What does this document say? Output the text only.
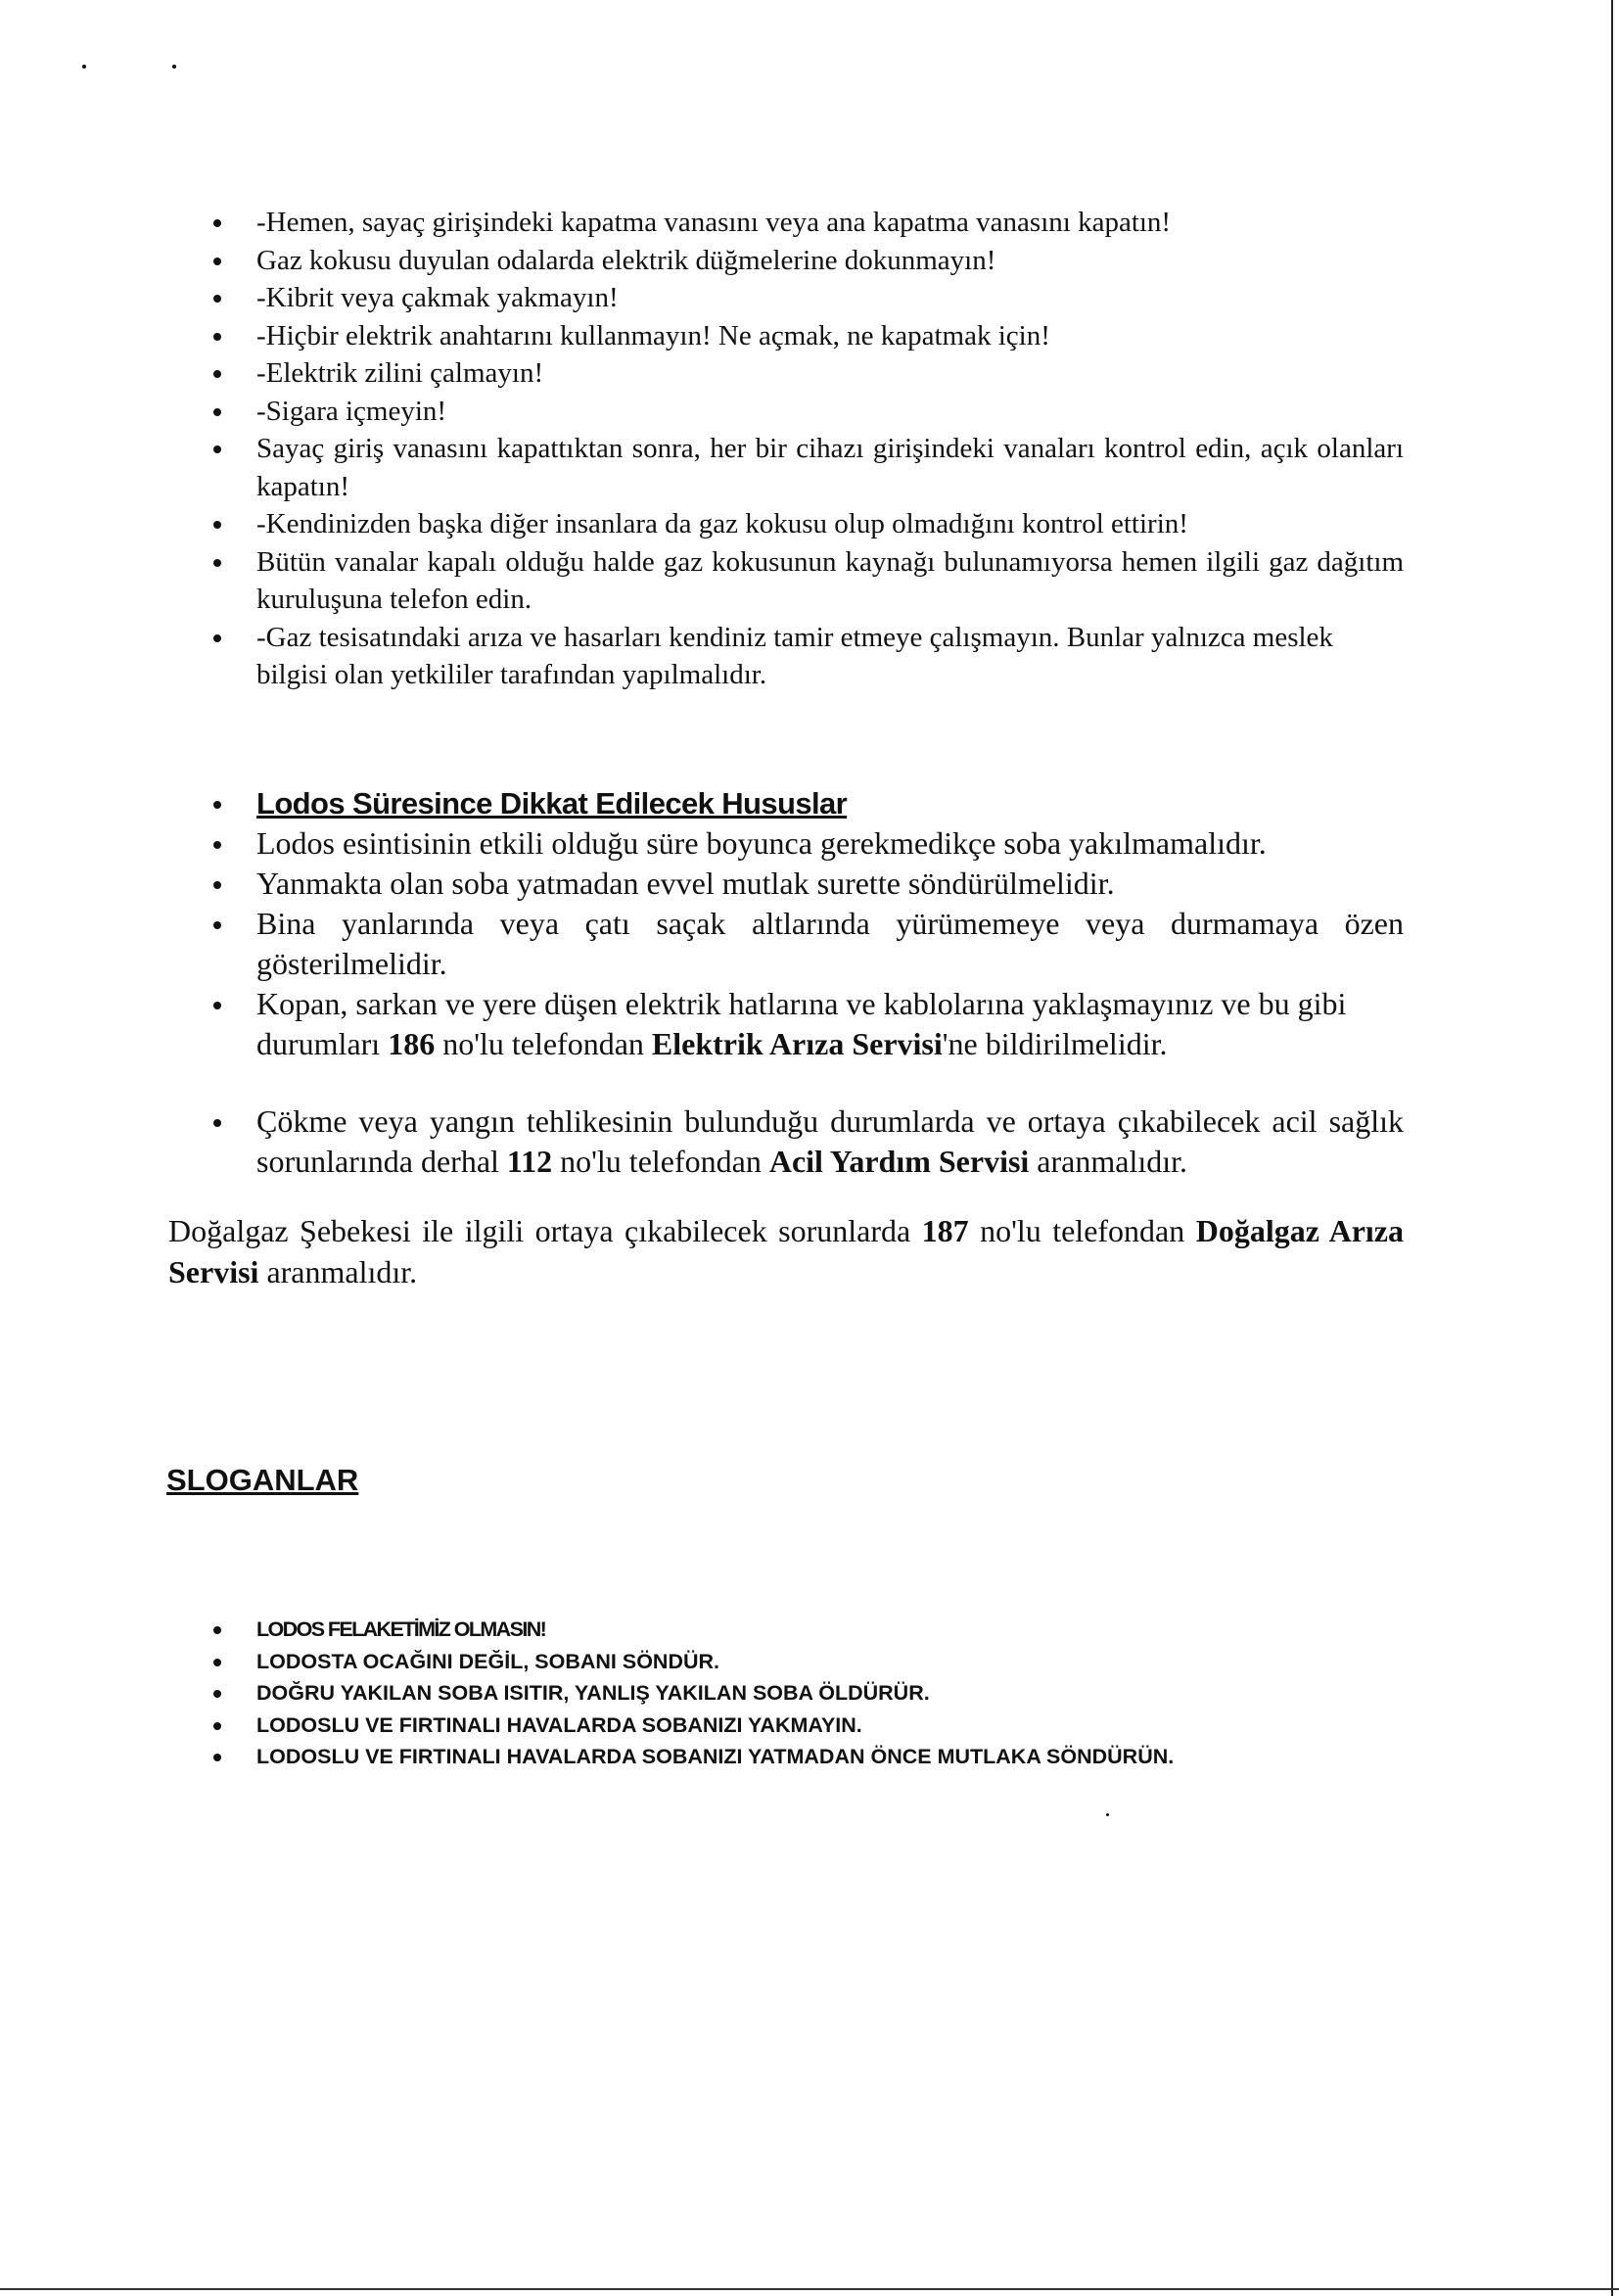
-Hemen, sayaç girişindeki kapatma vanasını veya ana kapatma vanasını kapatın!
Gaz kokusu duyulan odalarda elektrik düğmelerine dokunmayın!
-Kibrit veya çakmak yakmayın!
-Hiçbir elektrik anahtarını kullanmayın! Ne açmak, ne kapatmak için!
-Elektrik zilini çalmayın!
-Sigara içmeyin!
Sayaç giriş vanasını kapattıktan sonra, her bir cihazı girişindeki vanaları kontrol edin, açık olanları kapatın!
-Kendinizden başka diğer insanlara da gaz kokusu olup olmadığını kontrol ettirin!
Bütün vanalar kapalı olduğu halde gaz kokusunun kaynağı bulunamıyorsa hemen ilgili gaz dağıtım kuruluşuna telefon edin.
-Gaz tesisatındaki arıza ve hasarları kendiniz tamir etmeye çalışmayın. Bunlar yalnızca meslek bilgisi olan yetkililer tarafından yapılmalıdır.
Lodos Süresince Dikkat Edilecek Hususlar
Lodos esintisinin etkili olduğu süre boyunca gerekmedikçe soba yakılmamalıdır.
Yanmakta olan soba yatmadan evvel mutlak surette söndürülmelidir.
Bina yanlarında veya çatı saçak altlarında yürümemeye veya durmamaya özen gösterilmelidir.
Kopan, sarkan ve yere düşen elektrik hatlarına ve kablolarına yaklaşmayınız ve bu gibi durumları 186 no'lu telefondan Elektrik Arıza Servisi'ne bildirilmelidir.
Çökme veya yangın tehlikesinin bulunduğu durumlarda ve ortaya çıkabilecek acil sağlık sorunlarında derhal 112 no'lu telefondan Acil Yardım Servisi aranmalıdır.

Doğalgaz Şebekesi ile ilgili ortaya çıkabilecek sorunlarda 187 no'lu telefondan Doğalgaz Arıza Servisi aranmalıdır.

SLOGANLAR
LODOS FELAKETİMİZ OLMASIN!
LODOSTA OCAĞINI DEĞİL, SOBANI SÖNDÜR.
DOĞRU YAKILAN SOBA ISITIR, YANLIŞ YAKILAN SOBA ÖLDÜRÜR.
LODOSLU VE FIRTINALI HAVALARDA SOBANIZI YAKMAYIN.
LODOSLU VE FIRTINALI HAVALARDA SOBANIZI YATMADAN ÖNCE MUTLAKA SÖNDÜRÜN.
